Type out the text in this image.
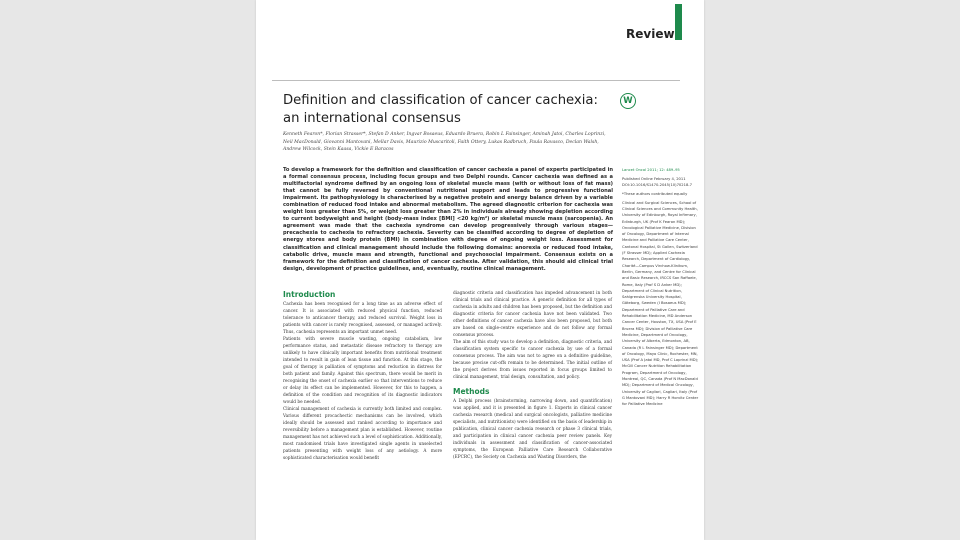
Review
Definition and classification of cancer cachexia:
an international consensus
W
Kenneth Fearon*, Florian Strasser*, Stefan D Anker, Ingvar Bosaeus, Eduardo Bruera, Robin L Fainsinger, Aminah Jatoi, Charles Loprinzi, Neil MacDonald, Giovanni Mantovani, Mellar Davis, Maurizio Muscaritoli, Faith Ottery, Lukas Radbruch, Paula Ravasco, Declan Walsh, Andrew Wilcock, Stein Kaasa, Vickie E Baracos
To develop a framework for the definition and classification of cancer cachexia a panel of experts participated in a formal consensus process, including focus groups and two Delphi rounds. Cancer cachexia was defined as a multifactorial syndrome defined by an ongoing loss of skeletal muscle mass (with or without loss of fat mass) that cannot be fully reversed by conventional nutritional support and leads to progressive functional impairment. Its pathophysiology is characterised by a negative protein and energy balance driven by a variable combination of reduced food intake and abnormal metabolism. The agreed diagnostic criterion for cachexia was weight loss greater than 5%, or weight loss greater than 2% in individuals already showing depletion according to current bodyweight and height (body-mass index [BMI] <20 kg/m²) or skeletal muscle mass (sarcopenia). An agreement was made that the cachexia syndrome can develop progressively through various stages—precachexia to cachexia to refractory cachexia. Severity can be classified according to degree of depletion of energy stores and body protein (BMI) in combination with degree of ongoing weight loss. Assessment for classification and clinical management should include the following domains: anorexia or reduced food intake, catabolic drive, muscle mass and strength, functional and psychosocial impairment. Consensus exists on a framework for the definition and classification of cancer cachexia. After validation, this should aid clinical trial design, development of practice guidelines, and, eventually, routine clinical management.

Lancet Oncol 2011; 12: 489–95

Published Online February 4, 2011 DOI:10.1016/S1470-2045(10)70218-7

*These authors contributed equally

Clinical and Surgical Sciences, School of Clinical Sciences and Community Health, University of Edinburgh, Royal Infirmary, Edinburgh, UK (Prof K Fearon MD); Oncological Palliative Medicine, Division of Oncology, Department of Internal Medicine and Palliative Care Center, Cantonal Hospital, St Gallen, Switzerland (F Strasser MD); Applied Cachexia Research, Department of Cardiology, Charité—Campus Virchow-Klinikum, Berlin, Germany, and Centre for Clinical and Basic Research, IRCCS San Raffaele, Rome, Italy (Prof S D Anker MD); Department of Clinical Nutrition, Sahlgrenska University Hospital, Göteborg, Sweden (I Bosaeus MD); Department of Palliative Care and Rehabilitation Medicine, MD Anderson Cancer Center, Houston, TX, USA (Prof E Bruera MD); Division of Palliative Care Medicine, Department of Oncology, University of Alberta, Edmonton, AB, Canada (R L Fainsinger MD); Department of Oncology, Mayo Clinic, Rochester, MN, USA (Prof A Jatoi MD, Prof C Loprinzi MD); McGill Cancer Nutrition Rehabilitation Program, Department of Oncology, Montreal, QC, Canada (Prof N MacDonald MD); Department of Medical Oncology, University of Cagliari, Cagliari, Italy (Prof G Mantovani MD); Harry R Horvitz Center for Palliative Medicine

Introduction

Cachexia has been recognised for a long time as an adverse effect of cancer. It is associated with reduced physical function, reduced tolerance to anticancer therapy, and reduced survival. Weight loss in patients with cancer is rarely recognised, assessed, or managed actively. Thus, cachexia represents an important unmet need.

Patients with severe muscle wasting, ongoing catabolism, low performance status, and metastatic disease refractory to therapy are unlikely to have clinically important benefits from nutritional treatment intended to result in gain of lean tissue and function. At this stage, the goal of therapy is palliation of symptoms and reduction in distress for both patient and family. Against this spectrum, there would be merit in recognising the onset of cachexia earlier so that interventions to reduce or delay its effect can be implemented. However, for this to happen, a definition of the condition and recognition of its diagnostic indicators would be needed.

Clinical management of cachexia is currently both limited and complex. Various different procachectic mechanisms can be involved, which ideally should be assessed and ranked according to importance and reversibility before a management plan is established. However, routine management has not achieved such a level of sophistication. Additionally, most randomised trials have investigated single agents in unselected patients presenting with weight loss of any aetiology. A more sophisticated characterisation would benefit

diagnostic criteria and classification has impeded advancement in both clinical trials and clinical practice. A generic definition for all types of cachexia in adults and children has been proposed, but the definition and diagnostic criteria for cancer cachexia have not been validated. Two other definitions of cancer cachexia have also been proposed, but both are based on single-centre experience and do not follow any formal consensus process.

The aim of this study was to develop a definition, diagnostic criteria, and classification system specific to cancer cachexia by use of a formal consensus process. The aim was not to agree on a definitive guideline, because precise cut-offs remain to be determined. The initial outline of the project derives from issues reported in focus groups limited to clinical management, trial design, consultation, and policy.

Methods

A Delphi process (brainstorming, narrowing down, and quantification) was applied, and it is presented in figure 1. Experts in clinical cancer cachexia research (medical and surgical oncologists, palliative medicine specialists, and nutritionists) were identified on the basis of leadership in publication, clinical cancer cachexia research or phase 3 clinical trials, and participation in clinical cancer cachexia peer review panels. Key individuals in assessment and classification of cancer-associated symptoms, the European Palliative Care Research Collaborative (EPCRC), the Society on Cachexia and Wasting Disorders, the
